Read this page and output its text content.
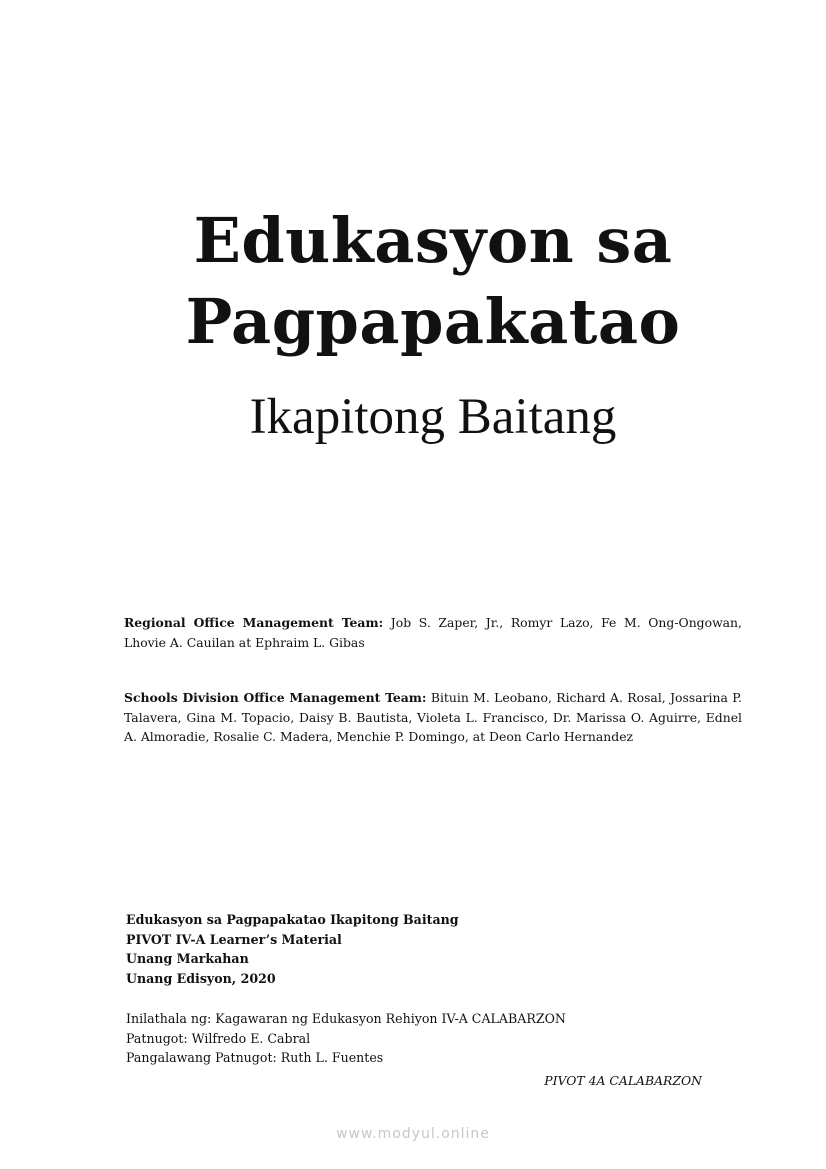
Edukasyon sa
Pagpapakatao
Ikapitong Baitang
Regional Office Management Team: Job S. Zaper, Jr., Romyr Lazo, Fe M. Ong-Ongowan, Lhovie A. Cauilan at Ephraim L. Gibas
Schools Division Office Management Team: Bituin M. Leobano, Richard A. Rosal, Jossarina P. Talavera, Gina M. Topacio, Daisy B. Bautista, Violeta L. Francisco, Dr. Marissa O. Aguirre, Ednel A. Almoradie, Rosalie C. Madera, Menchie P. Domingo, at Deon Carlo Hernandez
Edukasyon sa Pagpapakatao Ikapitong Baitang
PIVOT IV-A Learner’s Material
Unang Markahan
Unang Edisyon, 2020
Inilathala ng: Kagawaran ng Edukasyon Rehiyon IV-A CALABARZON
Patnugot: Wilfredo E. Cabral
Pangalawang Patnugot: Ruth L. Fuentes
PIVOT 4A CALABARZON
www.modyul.online
